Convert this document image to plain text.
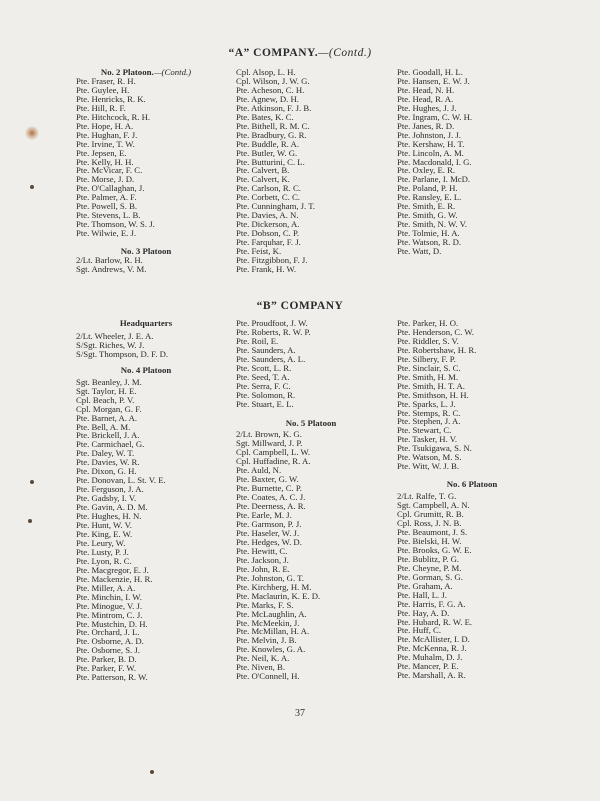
“A” COMPANY.—(Contd.)
“B” COMPANY
No. 2 Platoon.—(Contd.)
Pte. Fraser, R. H.
Pte. Guylee, H.
Pte. Henricks, R. K.
Pte. Hill, R. F.
Pte. Hitchcock, R. H.
Pte. Hope, H. A.
Pte. Hughan, F. J.
Pte. Irvine, T. W.
Pte. Jepsen, E.
Pte. Kelly, H. H.
Pte. McVicar, F. C.
Pte. Morse, J. D.
Pte. O'Callaghan, J.
Pte. Palmer, A. F.
Pte. Powell, S. B.
Pte. Stevens, L. B.
Pte. Thomson, W. S. J.
Pte. Wilwie, E. J.
No. 3 Platoon
2/Lt. Barlow, R. H.
Sgt. Andrews, V. M.
Headquarters
2/Lt. Wheeler, J. E. A.
S/Sgt. Riches, W. J.
S/Sgt. Thompson, D. F. D.
No. 4 Platoon
Sgt. Beanley, J. M.
Sgt. Taylor, H. E.
Cpl. Beach, P. V.
Cpl. Morgan, G. F.
Pte. Barnet, A. A.
Pte. Bell, A. M.
Pte. Brickell, J. A.
Pte. Carmichael, G.
Pte. Daley, W. T.
Pte. Davies, W. R.
Pte. Dixon, G. H.
Pte. Donovan, L. St. V. E.
Pte. Ferguson, J. A.
Pte. Gadsby, I. V.
Pte. Gavin, A. D. M.
Pte. Hughes, H. N.
Pte. Hunt, W. V.
Pte. King, E. W.
Pte. Leury, W.
Pte. Lusty, P. J.
Pte. Lyon, R. C.
Pte. Macgregor, E. J.
Pte. Mackenzie, H. R.
Pte. Miller, A. A.
Pte. Minchin, I. W.
Pte. Minogue, V. J.
Pte. Mintrom, C. J.
Pte. Mustchin, D. H.
Pte. Orchard, J. L.
Pte. Osborne, A. D.
Pte. Osborne, S. J.
Pte. Parker, B. D.
Pte. Parker, F. W.
Pte. Patterson, R. W.
Cpl. Alsop, L. H.
Cpl. Wilson, J. W. G.
Pte. Acheson, C. H.
Pte. Agnew, D. H.
Pte. Atkinson, F. J. B.
Pte. Bates, K. C.
Pte. Bithell, R. M. C.
Pte. Bradbury, G. R.
Pte. Buddle, R. A.
Pte. Butler, W. G.
Pte. Butturini, C. L.
Pte. Calvert, B.
Pte. Calvert, K.
Pte. Carlson, R. C.
Pte. Corbett, C. C.
Pte. Cunningham, J. T.
Pte. Davies, A. N.
Pte. Dickerson, A.
Pte. Dobson, C. P.
Pte. Farquhar, F. J.
Pte. Feist, K.
Pte. Fitzgibbon, F. J.
Pte. Frank, H. W.
Pte. Proudfoot, J. W.
Pte. Roberts, R. W. P.
Pte. Roil, E.
Pte. Saunders, A.
Pte. Saunders, A. L.
Pte. Scott, L. R.
Pte. Seed, T. A.
Pte. Serra, F. C.
Pte. Solomon, R.
Pte. Stuart, E. L.
No. 5 Platoon
2/Lt. Brown, K. G.
Sgt. Millward, J. P.
Cpl. Campbell, L. W.
Cpl. Huffadine, R. A.
Pte. Auld, N.
Pte. Baxter, G. W.
Pte. Burnette, C. P.
Pte. Coates, A. C. J.
Pte. Deerness, A. R.
Pte. Earle, M. J.
Pte. Garmson, P. J.
Pte. Haseler, W. J.
Pte. Hedges, W. D.
Pte. Hewitt, C.
Pte. Jackson, J.
Pte. John, R. E.
Pte. Johnston, G. T.
Pte. Kirchberg, H. M.
Pte. Maclaurin, K. E. D.
Pte. Marks, F. S.
Pte. McLaughlin, A.
Pte. McMeekin, J.
Pte. McMillan, H. A.
Pte. Melvin, J. B.
Pte. Knowles, G. A.
Pte. Neil, K. A.
Pte. Niven, B.
Pte. O'Connell, H.
Pte. Goodall, H. L.
Pte. Hansen, E. W. J.
Pte. Head, N. H.
Pte. Head, R. A.
Pte. Hughes, J. J.
Pte. Ingram, C. W. H.
Pte. Janes, R. D.
Pte. Johnston, J. J.
Pte. Kershaw, H. T.
Pte. Lincoln, A. M.
Pte. Macdonald, I. G.
Pte. Oxley, E. R.
Pte. Parlane, I. McD.
Pte. Poland, P. H.
Pte. Ransley, E. L.
Pte. Smith, E. R.
Pte. Smith, G. W.
Pte. Smith, N. W. V.
Pte. Tolmie, H. A.
Pte. Watson, R. D.
Pte. Watt, D.
Pte. Parker, H. O.
Pte. Henderson, C. W.
Pte. Riddler, S. V.
Pte. Robertshaw, H. R.
Pte. Silbery, F. P.
Pte. Sinclair, S. C.
Pte. Smith, H. M.
Pte. Smith, H. T. A.
Pte. Smithson, H. H.
Pte. Sparks, L. J.
Pte. Stemps, R. C.
Pte. Stephen, J. A.
Pte. Stewart, C.
Pte. Tasker, H. V.
Pte. Tsukigawa, S. N.
Pte. Watson, M. S.
Pte. Witt, W. J. B.
No. 6 Platoon
2/Lt. Ralfe, T. G.
Sgt. Campbell, A. N.
Cpl. Grumitt, R. B.
Cpl. Ross, J. N. B.
Pte. Beaumont, J. S.
Pte. Bielski, H. W.
Pte. Brooks, G. W. E.
Pte. Bublitz, P. G.
Pte. Cheyne, P. M.
Pte. Gorman, S. G.
Pte. Graham, A.
Pte. Hall, L. J.
Pte. Harris, F. G. A.
Pte. Hay, A. D.
Pte. Hubard, R. W. E.
Pte. Huff, C.
Pte. McAllister, I. D.
Pte. McKenna, R. J.
Pte. Muhalm, D. J.
Pte. Mancer, P. E.
Pte. Marshall, A. R.
37
